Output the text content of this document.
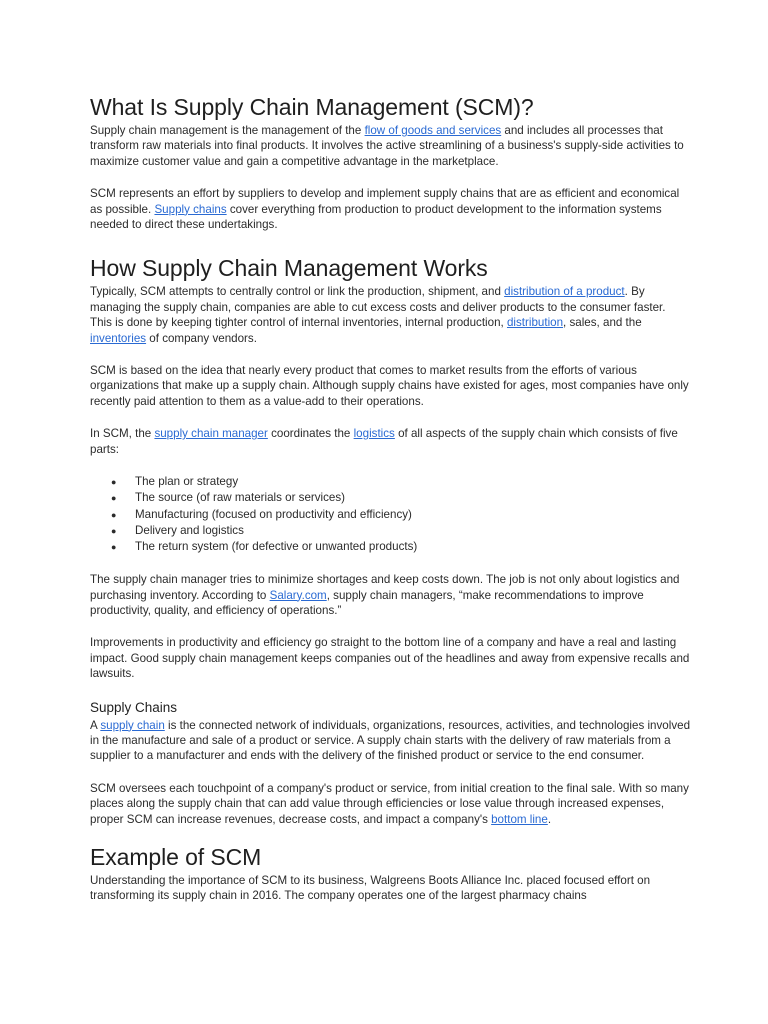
What Is Supply Chain Management (SCM)?

Supply chain management is the management of the flow of goods and services and includes all processes that transform raw materials into final products. It involves the active streamlining of a business's supply-side activities to maximize customer value and gain a competitive advantage in the marketplace.

SCM represents an effort by suppliers to develop and implement supply chains that are as efficient and economical as possible. Supply chains cover everything from production to product development to the information systems needed to direct these undertakings.

How Supply Chain Management Works

Typically, SCM attempts to centrally control or link the production, shipment, and distribution of a product. By managing the supply chain, companies are able to cut excess costs and deliver products to the consumer faster. This is done by keeping tighter control of internal inventories, internal production, distribution, sales, and the inventories of company vendors.

SCM is based on the idea that nearly every product that comes to market results from the efforts of various organizations that make up a supply chain. Although supply chains have existed for ages, most companies have only recently paid attention to them as a value-add to their operations.

In SCM, the supply chain manager coordinates the logistics of all aspects of the supply chain which consists of five parts:

● The plan or strategy
● The source (of raw materials or services)
● Manufacturing (focused on productivity and efficiency)
● Delivery and logistics
● The return system (for defective or unwanted products)

The supply chain manager tries to minimize shortages and keep costs down. The job is not only about logistics and purchasing inventory. According to Salary.com, supply chain managers, “make recommendations to improve productivity, quality, and efficiency of operations.”

Improvements in productivity and efficiency go straight to the bottom line of a company and have a real and lasting impact. Good supply chain management keeps companies out of the headlines and away from expensive recalls and lawsuits.

Supply Chains

A supply chain is the connected network of individuals, organizations, resources, activities, and technologies involved in the manufacture and sale of a product or service. A supply chain starts with the delivery of raw materials from a supplier to a manufacturer and ends with the delivery of the finished product or service to the end consumer.

SCM oversees each touchpoint of a company's product or service, from initial creation to the final sale. With so many places along the supply chain that can add value through efficiencies or lose value through increased expenses, proper SCM can increase revenues, decrease costs, and impact a company's bottom line.

Example of SCM

Understanding the importance of SCM to its business, Walgreens Boots Alliance Inc. placed focused effort on transforming its supply chain in 2016. The company operates one of the largest pharmacy chains
